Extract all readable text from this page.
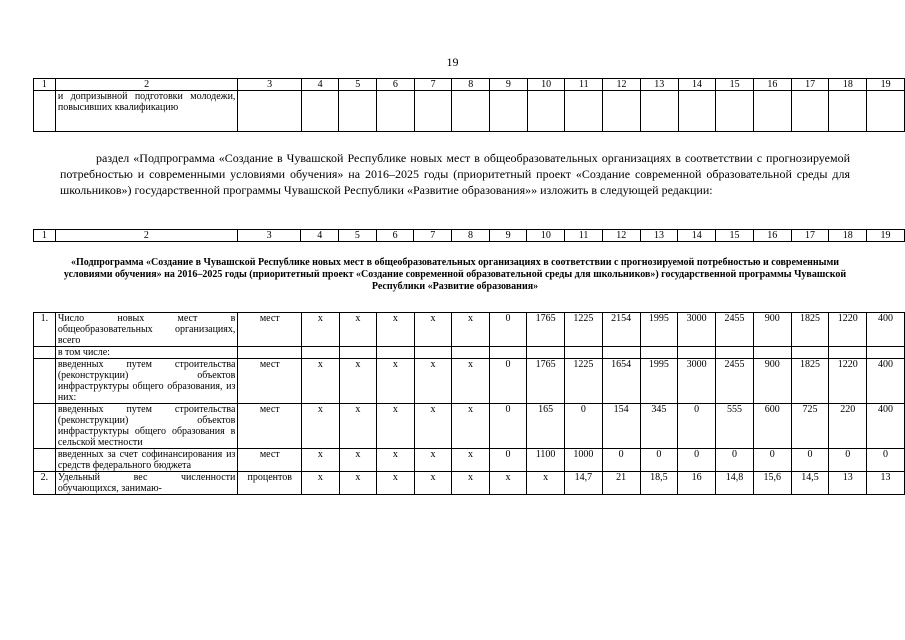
19
1	2	3	4	5	6	7	8	9	10	11	12	13	14	15	16	17	18	19
	и допризывной подготовки молодежи, повысивших квалификацию																	

раздел «Подпрограмма «Создание в Чувашской Республике новых мест в общеобразовательных организациях в соответствии с прогнозируемой потребностью и современными условиями обучения» на 2016–2025 годы (приоритетный проект «Создание современной образовательной среды для школьников») государственной программы Чувашской Республики «Развитие образования»» изложить в следующей редакции:

1	2	3	4	5	6	7	8	9	10	11	12	13	14	15	16	17	18	19
«Подпрограмма «Создание в Чувашской Республике новых мест в общеобразовательных организациях в соответствии с прогнозируемой потребностью и современными условиями обучения» на 2016–2025 годы (приоритетный проект «Создание современной образовательной среды для школьников») государственной программы Чувашской Республики «Развитие образования»
1.	Число новых мест в общеобразовательных организациях, всего	мест	х	х	х	х	х	0	1765	1225	2154	1995	3000	2455	900	1825	1220	400
	в том числе:																	
	введенных путем строительства (реконструкции) объектов инфраструктуры общего образования, из них:	мест	х	х	х	х	х	0	1765	1225	1654	1995	3000	2455	900	1825	1220	400
	введенных путем строительства (реконструкции) объектов инфраструктуры общего образования в сельской местности	мест	х	х	х	х	х	0	165	0	154	345	0	555	600	725	220	400
	введенных за счет софинансирования из средств федерального бюджета	мест	х	х	х	х	х	0	1100	1000	0	0	0	0	0	0	0	0
2.	Удельный вес численности обучающихся, занимаю-	процентов	х	х	х	х	х	х	х	14,7	21	18,5	16	14,8	15,6	14,5	13	13
